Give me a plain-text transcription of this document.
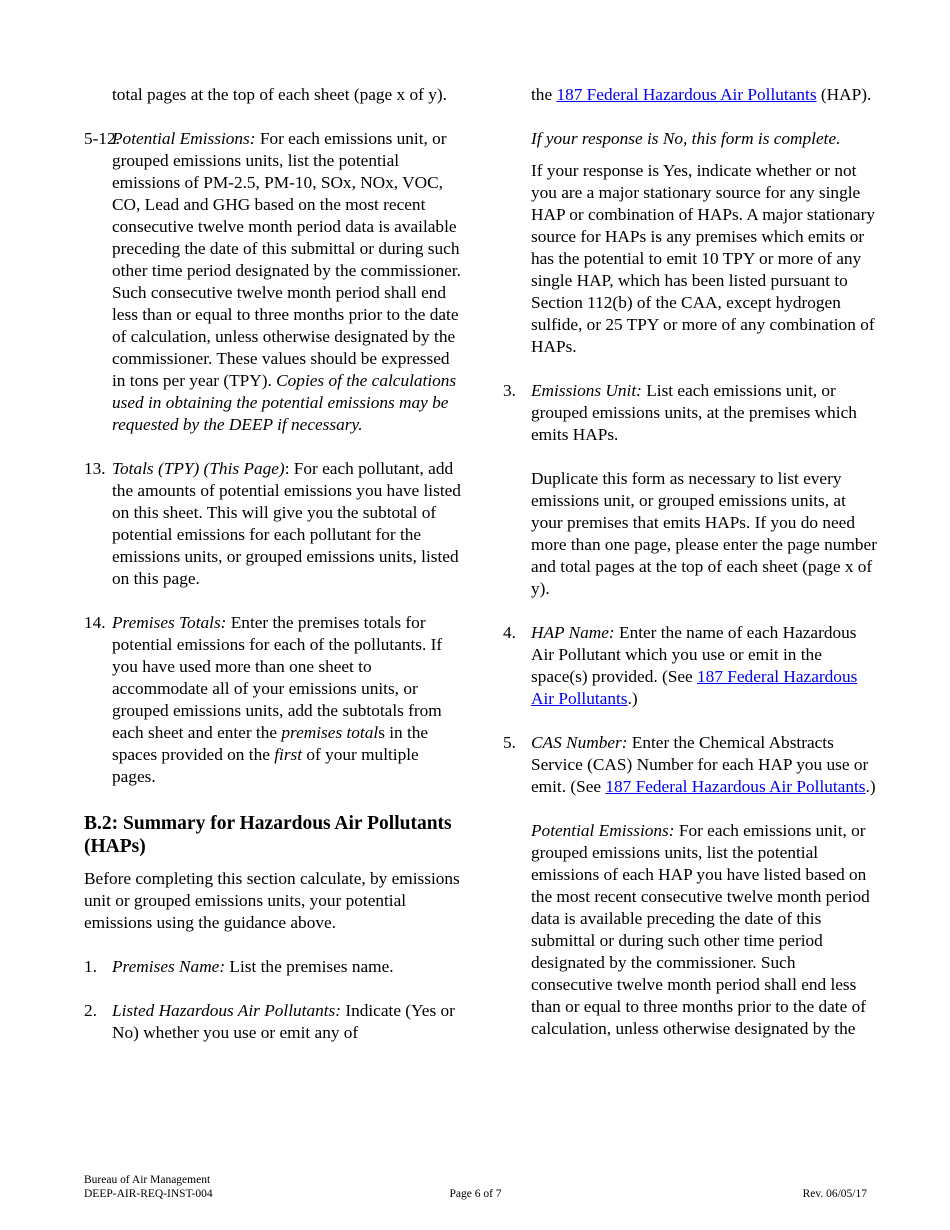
total pages at the top of each sheet (page x of y).

5-12.
Potential Emissions: For each emissions unit, or grouped emissions units, list the potential emissions of PM-2.5, PM-10, SOx, NOx, VOC, CO, Lead and GHG based on the most recent consecutive twelve month period data is available preceding the date of this submittal or during such other time period designated by the commissioner. Such consecutive twelve month period shall end less than or equal to three months prior to the date of calculation, unless otherwise designated by the commissioner. These values should be expressed in tons per year (TPY). Copies of the calculations used in obtaining the potential emissions may be requested by the DEEP if necessary.
13. Totals (TPY) (This Page): For each pollutant, add the amounts of potential emissions you have listed on this sheet. This will give you the subtotal of potential emissions for each pollutant for the emissions units, or grouped emissions units, listed on this page.
14. Premises Totals: Enter the premises totals for potential emissions for each of the pollutants. If you have used more than one sheet to accommodate all of your emissions units, or grouped emissions units, add the subtotals from each sheet and enter the premises totals in the spaces provided on the first of your multiple pages.
B.2: Summary for Hazardous Air Pollutants (HAPs)

Before completing this section calculate, by emissions unit or grouped emissions units, your potential emissions using the guidance above.

1. Premises Name: List the premises name.
2. Listed Hazardous Air Pollutants: Indicate (Yes or No) whether you use or emit any of

the 187 Federal Hazardous Air Pollutants (HAP).

If your response is No, this form is complete.

If your response is Yes, indicate whether or not you are a major stationary source for any single HAP or combination of HAPs. A major stationary source for HAPs is any premises which emits or has the potential to emit 10 TPY or more of any single HAP, which has been listed pursuant to Section 112(b) of the CAA, except hydrogen sulfide, or 25 TPY or more of any combination of HAPs.

3. Emissions Unit: List each emissions unit, or grouped emissions units, at the premises which emits HAPs.

Duplicate this form as necessary to list every emissions unit, or grouped emissions units, at your premises that emits HAPs. If you do need more than one page, please enter the page number and total pages at the top of each sheet (page x of y).

4. HAP Name: Enter the name of each Hazardous Air Pollutant which you use or emit in the space(s) provided. (See 187 Federal Hazardous Air Pollutants.)
5. CAS Number: Enter the Chemical Abstracts Service (CAS) Number for each HAP you use or emit. (See 187 Federal Hazardous Air Pollutants.)

Potential Emissions: For each emissions unit, or grouped emissions units, list the potential emissions of each HAP you have listed based on the most recent consecutive twelve month period data is available preceding the date of this submittal or during such other time period designated by the commissioner. Such consecutive twelve month period shall end less than or equal to three months prior to the date of calculation, unless otherwise designated by the

Bureau of Air Management
DEEP-AIR-REQ-INST-004	Page 6 of 7	Rev. 06/05/17
